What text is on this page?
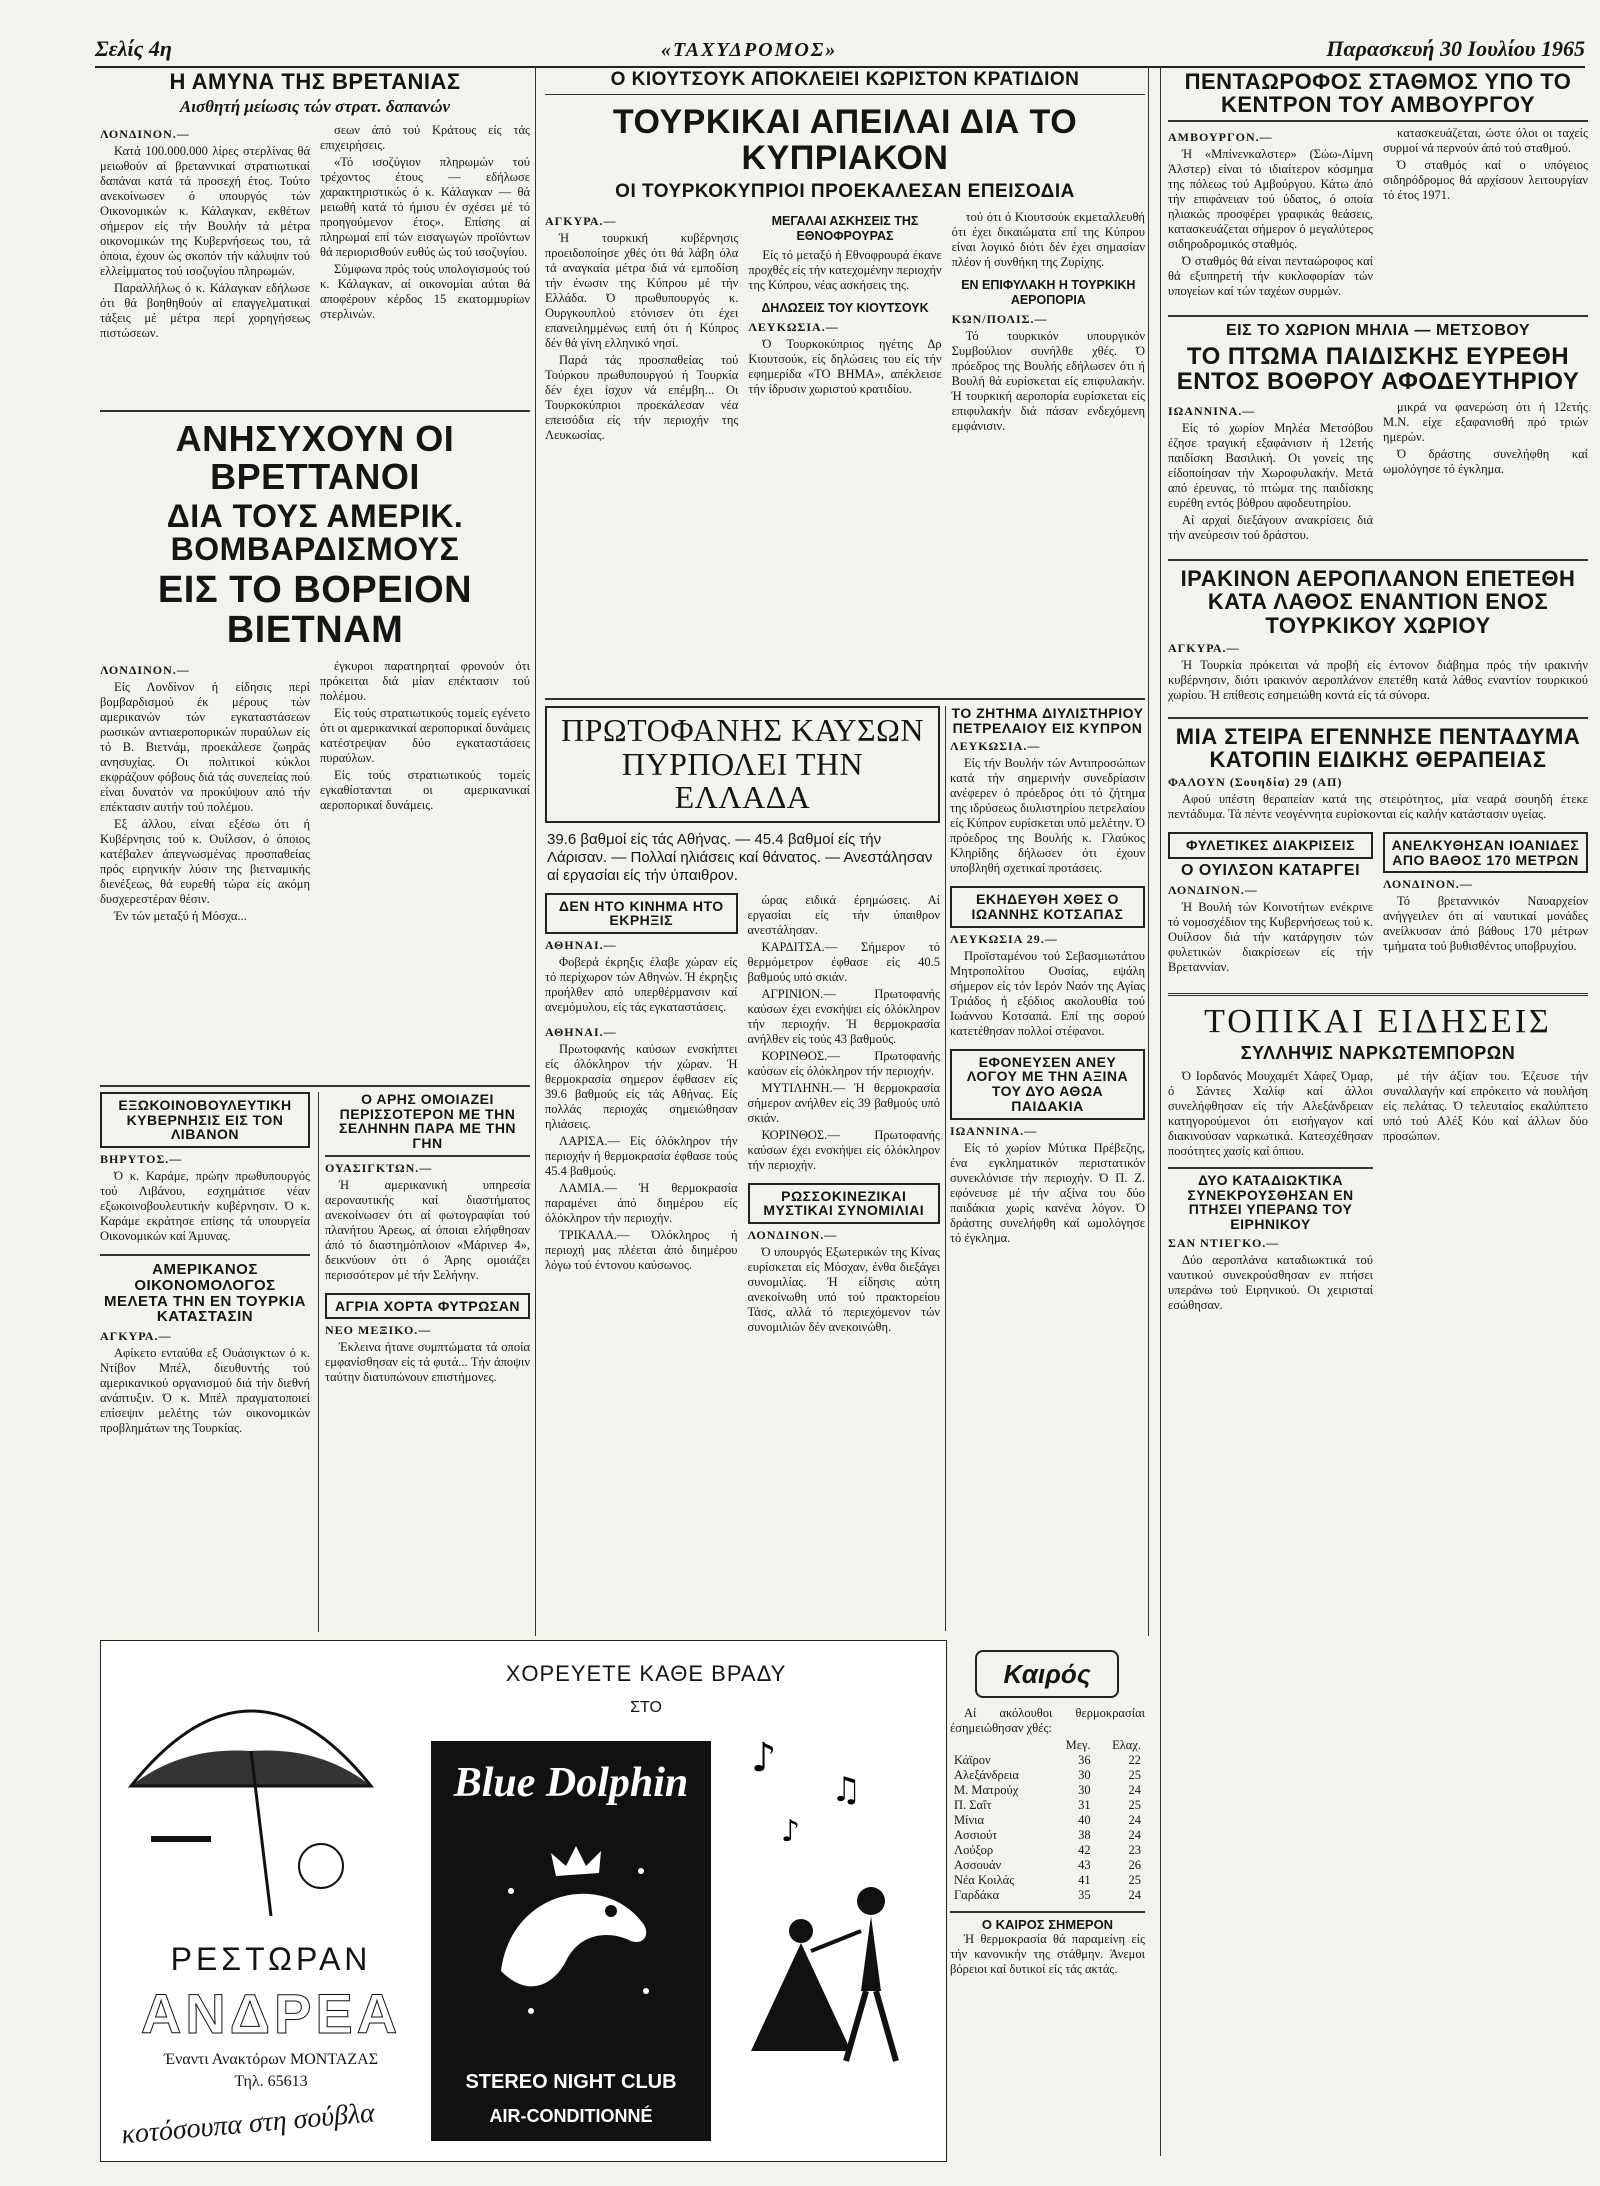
Σελίς 4η	«ΤΑΧΥΔΡΟΜΟΣ»	Παρασκευή 30 Ιουλίου 1965
Η ΑΜΥΝΑ ΤΗΣ ΒΡΕΤΑΝΙΑΣ
Αισθητή μείωσις τών στρατ. δαπανών
ΛΟΝΔΙΝΟΝ.—

Κατά 100.000.000 λίρες στερλίνας θά μειωθούν αί βρεταννικαί στρατιωτικαί δαπάναι κατά τά προσεχή έτος. Τούτο ανεκοίνωσεν ό υπουργός τών Οικονομικών κ. Κάλαγκαν, εκθέτων σήμερον είς τήν Βουλήν τά μέτρα οικονομικών της Κυβερνήσεως του, τά όποια, έχουν ώς σκοπόν τήν κάλυψιν τού ελλείμματος τού ισοζυγίου πληρωμών.

Παραλλήλως ό κ. Κάλαγκαν εδήλωσε ότι θά βοηθηθούν αί επαγγελματικαί τάξεις μέ μέτρα περί χορηγήσεως πιστώσεων.

σεων άπό τού Κράτους είς τάς επιχειρήσεις.

«Τό ισοζύγιον πληρωμών τού τρέχοντος έτους — εδήλωσε χαρακτηριστικώς ό κ. Κάλαγκαν — θά μειωθή κατά τό ήμισυ έν σχέσει μέ τό προηγούμενον έτος». Επίσης αί πληρωμαί επί τών εισαγωγών προϊόντων θά περιορισθούν ευθύς ώς τού ισοζυγίου.

Σύμφωνα πρός τούς υπολογισμούς τού κ. Κάλαγκαν, αί οικονομίαι αύται θά αποφέρουν κέρδος 15 εκατομμυρίων στερλινών.

ΑΝΗΣΥΧΟΥΝ ΟΙ ΒΡΕΤΤΑΝΟΙ
ΔΙΑ ΤΟΥΣ ΑΜΕΡΙΚ. ΒΟΜΒΑΡΔΙΣΜΟΥΣ
ΕΙΣ ΤΟ ΒΟΡΕΙΟΝ ΒΙΕΤΝΑΜ
ΛΟΝΔΙΝΟΝ.—

Είς Λονδίνον ή είδησις περί βομβαρδισμού έκ μέρους τών αμερικανών τών εγκαταστάσεων ρωσικών αντιαεροπορικών πυραύλων είς τό Β. Βιετνάμ, προεκάλεσε ζωηράς ανησυχίας. Οι πολιτικοί κύκλοι εκφράζουν φόβους διά τάς συνεπείας πού είναι δυνατόν να προκύψουν από τήν επέκτασιν αυτήν τού πολέμου.

Εξ άλλου, είναι εξέσω ότι ή Κυβέρνησις τού κ. Ουίλσον, ό όποιος κατέβαλεν άπεγνωσμένας προσπαθείας πρός ειρηνικήν λύσιν της βιετναμικής διενέξεως, θά ευρεθή τώρα είς ακόμη δυσχερεστέραν θέσιν.

Έν τών μεταξύ ή Μόσχα...

έγκυροι παρατηρηταί φρονούν ότι πρόκειται διά μίαν επέκτασιν τού πολέμου.

Είς τούς στρατιωτικούς τομείς εγένετο ότι οι αμερικανικαί αεροπορικαί δυνάμεις κατέστρεψαν δύο εγκαταστάσεις πυραύλων.

Είς τούς στρατιωτικούς τομείς εγκαθίστανται οι αμερικανικαί αεροπορικαί δυνάμεις.

ΕΞΩΚΟΙΝΟΒΟΥΛΕΥΤΙΚΗ ΚΥΒΕΡΝΗΣΙΣ ΕΙΣ ΤΟΝ ΛΙΒΑΝΟΝ
ΒΗΡΥΤΟΣ.—

Ό κ. Καράμε, πρώην πρωθυπουργός τού Λιβάνου, εσχημάτισε νέαν εξωκοινοβουλευτικήν κυβέρνησιν. Ό κ. Καράμε εκράτησε επίσης τά υπουργεία Οικονομικών καί Άμυνας.

ΑΜΕΡΙΚΑΝΟΣ ΟΙΚΟΝΟΜΟΛΟΓΟΣ ΜΕΛΕΤΑ ΤΗΝ ΕΝ ΤΟΥΡΚΙΑ ΚΑΤΑΣΤΑΣΙΝ
ΑΓΚΥΡΑ.—

Αφίκετο ενταύθα εξ Ουάσιγκτων ό κ. Ντίβον Μπέλ, διευθυντής τού αμερικανικού οργανισμού διά τήν διεθνή ανάπτυξιν. Ό κ. Μπέλ πραγματοποιεί επίσεψιν μελέτης τών οικονομικών προβλημάτων της Τουρκίας.

Ο ΑΡΗΣ ΟΜΟΙΑΖΕΙ ΠΕΡΙΣΣΟΤΕΡΟΝ ΜΕ ΤΗΝ ΣΕΛΗΝΗΝ ΠΑΡΑ ΜΕ ΤΗΝ ΓΗΝ
ΟΥΑΣΙΓΚΤΩΝ.—

Ή αμερικανική υπηρεσία αεροναυτικής καί διαστήματος ανεκοίνωσεν ότι αί φωτογραφίαι τού πλανήτου Άρεως, αί όποιαι ελήφθησαν άπό τό διαστημόπλοιον «Μάρινερ 4», δεικνύουν ότι ό Άρης ομοιάζει περισσότερον μέ τήν Σελήνην.

ΑΓΡΙΑ ΧΟΡΤΑ ΦΥΤΡΩΣΑΝ
ΝΕΟ ΜΕΞΙΚΟ.—

Έκλεινα ήτανε συμπτώματα τά οποία εμφανίσθησαν είς τά φυτά... Τήν άποψιν ταύτην διατυπώνουν επιστήμονες.

Ο ΚΙΟΥΤΣΟΥΚ ΑΠΟΚΛΕΙΕΙ ΚΩΡΙΣΤΟΝ ΚΡΑΤΙΔΙΟΝ
ΤΟΥΡΚΙΚΑΙ ΑΠΕΙΛΑΙ ΔΙΑ ΤΟ ΚΥΠΡΙΑΚΟΝ
ΟΙ ΤΟΥΡΚΟΚΥΠΡΙΟΙ ΠΡΟΕΚΑΛΕΣΑΝ ΕΠΕΙΣΟΔΙΑ
ΑΓΚΥΡΑ.—

Ή τουρκική κυβέρνησις προειδοποίησε χθές ότι θά λάβη όλα τά αναγκαία μέτρα διά νά εμποδίση τήν ένωσιν της Κύπρου μέ τήν Ελλάδα. Ό πρωθυπουργός κ. Ουργκουπλού ετόνισεν ότι έχει επανειλημμένως ειπή ότι ή Κύπρος δέν θά γίνη ελληνικό νησί.

Παρά τάς προσπαθείας τού Τούρκου πρωθυπουργού ή Τουρκία δέν έχει ίσχυν νά επέμβη... Οι Τουρκοκύπριοι προεκάλεσαν νέα επεισόδια είς τήν περιοχήν της Λευκωσίας.

ΜΕΓΑΛΑΙ ΑΣΚΗΣΕΙΣ ΤΗΣ ΕΘΝΟΦΡΟΥΡΑΣ

Είς τό μεταξύ ή Εθνοφρουρά έκανε προχθές είς τήν κατεχομένην περιοχήν της Κύπρου, νέας ασκήσεις της.

ΔΗΛΩΣΕΙΣ ΤΟΥ ΚΙΟΥΤΣΟΥΚ
ΛΕΥΚΩΣΙΑ.—

Ό Τουρκοκύπριος ηγέτης Δρ Κιουτσούκ, είς δηλώσεις του είς τήν εφημερίδα «ΤΟ ΒΗΜΑ», απέκλεισε τήν ίδρυσιν χωριστού κρατιδίου.

τού ότι ό Κιουτσούκ εκμεταλλευθή ότι έχει δικαιώματα επί της Κύπρου είναι λογικό διότι δέν έχει σημασίαν πλέον ή συνθήκη της Ζυρίχης.

ΕΝ ΕΠΙΦΥΛΑΚΗ Η ΤΟΥΡΚΙΚΗ ΑΕΡΟΠΟΡΙΑ
ΚΩΝ/ΠΟΛΙΣ.—

Τό τουρκικόν υπουργικόν Συμβούλιον συνήλθε χθές. Ό πρόεδρος της Βουλής εδήλωσεν ότι ή Βουλή θά ευρίσκεται είς επιφυλακήν. Ή τουρκική αεροπορία ευρίσκεται είς επιφυλακήν διά πάσαν ενδεχόμενη εμφάνισιν.

ΠΡΩΤΟΦΑΝΗΣ ΚΑΥΣΩΝ
ΠΥΡΠΟΛΕΙ ΤΗΝ ΕΛΛΑΔΑ
39.6 βαθμοί είς τάς Αθήνας. — 45.4 βαθμοί είς τήν Λάρισαν. — Πολλαί ηλιάσεις καί θάνατος. — Ανεστάλησαν αί εργασίαι είς τήν ύπαιθρον.
ΔΕΝ ΗΤΟ ΚΙΝΗΜΑ ΗΤΟ ΕΚΡΗΞΙΣ
ΑΘΗΝΑΙ.—

Φοβερά έκρηξις έλαβε χώραν είς τό περίχωρον τών Αθηνών. Ή έκρηξις προήλθεν από υπερθέρμανσιν καί ανεμόμυλου, είς τάς εγκαταστάσεις.

ΑΘΗΝΑΙ.—

Πρωτοφανής καύσων ενσκήπτει είς όλόκληρον τήν χώραν. Ή θερμοκρασία σημερον έφθασεν είς 39.6 βαθμούς είς τάς Αθήνας. Είς πολλάς περιοχάς σημειώθησαν ηλιάσεις.

ΛΑΡΙΣΑ.— Είς όλόκληρον τήν περιοχήν ή θερμοκρασία έφθασε τούς 45.4 βαθμούς.

ΛΑΜΙΑ.— Ή θερμοκρασία παραμένει άπό διημέρου είς όλόκληρον τήν περιοχήν.

ΤΡΙΚΑΛΑ.— Όλόκληρος ή περιοχή μας πλέεται άπό διημέρου λόγω τού έντονου καύσωνος.

ώρας ειδικά έρημώσεις. Αί εργασίαι είς τήν ύπαιθρον ανεστάλησαν.

ΚΑΡΔΙΤΣΑ.— Σήμερον τό θερμόμετρον έφθασε είς 40.5 βαθμούς υπό σκιάν.

ΑΓΡΙΝΙΟΝ.— Πρωτοφανής καύσων έχει ενσκήψει είς όλόκληρον τήν περιοχήν. Ή θερμοκρασία ανήλθεν είς τούς 43 βαθμούς.

ΚΟΡΙΝΘΟΣ.— Πρωτοφανής καύσων είς όλόκληρον τήν περιοχήν.

ΜΥΤΙΛΗΝΗ.— Ή θερμοκρασία σήμερον ανήλθεν είς 39 βαθμούς υπό σκιάν.

ΚΟΡΙΝΘΟΣ.— Πρωτοφανής καύσων έχει ενσκήψει είς όλόκληρον τήν περιοχήν.

ΡΩΣΣΟΚΙΝΕΖΙΚΑΙ ΜΥΣΤΙΚΑΙ ΣΥΝΟΜΙΛΙΑΙ
ΛΟΝΔΙΝΟΝ.—

Ό υπουργός Εξωτερικών της Κίνας ευρίσκεται είς Μόσχαν, ένθα διεξάγει συνομιλίας. Ή είδησις αύτη ανεκοίνωθη υπό τού πρακτορείου Τάσς, αλλά τό περιεχόμενον τών συνομιλιών δέν ανεκοινώθη.

ΤΟ ΖΗΤΗΜΑ ΔΙΥΛΙΣΤΗΡΙΟΥ ΠΕΤΡΕΛΑΙΟΥ ΕΙΣ ΚΥΠΡΟΝ
ΛΕΥΚΩΣΙΑ.—

Είς τήν Βουλήν τών Αντιπροσώπων κατά τήν σημερινήν συνεδρίασιν ανέφερεν ό πρόεδρος ότι τό ζήτημα της ιδρύσεως διυλιστηρίου πετρελαίου είς Κύπρον ευρίσκεται υπό μελέτην. Ό πρόεδρος της Βουλής κ. Γλαύκος Κληρίδης δήλωσεν ότι έχουν υποβληθή σχετικαί προτάσεις.

ΕΚΗΔΕΥΘΗ ΧΘΕΣ Ο ΙΩΑΝΝΗΣ ΚΟΤΣΑΠΑΣ
ΛΕΥΚΩΣΙΑ 29.—

Προϊσταμένου τού Σεβασμιωτάτου Μητροπολίτου Ουσίας, εψάλη σήμερον είς τόν Ιερόν Ναόν της Αγίας Τριάδος ή εξόδιος ακολουθία τού Ιωάννου Κοτσαπά. Επί της σορού κατετέθησαν πολλοί στέφανοι.

ΕΦΟΝΕΥΣΕΝ ΑΝΕΥ ΛΟΓΟΥ ΜΕ ΤΗΝ ΑΞΙΝΑ ΤΟΥ ΔΥΟ ΑΘΩΑ ΠΑΙΔΑΚΙΑ
ΙΩΑΝΝΙΝΑ.—

Είς τό χωρίον Μύτικα Πρέβεζης, ένα εγκληματικόν περιστατικόν συνεκλόνισε τήν περιοχήν. Ό Π. Ζ. εφόνευσε μέ τήν αξίνα του δύο παιδάκια χωρίς κανένα λόγον. Ό δράστης συνελήφθη καί ωμολόγησε τό έγκλημα.

ΧΟΡΕΥΕΤΕ ΚΑΘΕ ΒΡΑΔΥ
ΣΤΟ
Blue Dolphin
STEREO NIGHT CLUB
AIR-CONDITIONNÉ
ΡΕΣΤΩΡΑΝ
ΑΝΔΡΕΑ
Έναντι Ανακτόρων ΜΟΝΤΑΖΑΣ
Τηλ. 65613
κοτόσουπα στη σούβλα
♪
♫
♪
Καιρός

Αί ακόλουθοι θερμοκρασίαι έσημειώθησαν χθές:

	Μεγ.	Ελαχ.
Κάϊρον	36	22
Αλεξάνδρεια	30	25
Μ. Ματρούχ	30	24
Π. Σαΐτ	31	25
Μίνια	40	24
Ασσιούτ	38	24
Λούξορ	42	23
Ασσουάν	43	26
Νέα Κοιλάς	41	25
Γαρδάκα	35	24
Ο ΚΑΙΡΟΣ ΣΗΜΕΡΟΝ

Ή θερμοκρασία θά παραμείνη είς τήν κανονικήν της στάθμην. Άνεμοι βόρειοι καί δυτικοί είς τάς ακτάς.

ΠΕΝΤΑΩΡΟΦΟΣ ΣΤΑΘΜΟΣ ΥΠΟ ΤΟ ΚΕΝΤΡΟΝ ΤΟΥ ΑΜΒΟΥΡΓΟΥ
ΑΜΒΟΥΡΓΟΝ.—

Ή «Μπίνενκαλστερ» (Σώω-Λίμνη Άλστερ) είναι τό ιδιαίτερον κόσμημα της πόλεως τού Αμβούργου. Κάτω άπό τήν επιφάνειαν τού ύδατος, ό οποία ηλιακώς προσφέρει γραφικάς θεάσεις, κατασκευάζεται σήμερον ό μεγαλύτερος σιδηροδρομικός σταθμός.

Ό σταθμός θά είναι πενταώροφος καί θά εξυπηρετή τήν κυκλοφορίαν τών υπογείων καί τών ταχέων συρμών.

κατασκευάζεται, ώστε όλοι οι ταχείς συρμοί νά περνούν άπό τού σταθμού.

Ό σταθμός καί ο υπόγειος σιδηρόδρομος θά αρχίσουν λειτουργίαν τό έτος 1971.

ΕΙΣ ΤΟ ΧΩΡΙΟΝ ΜΗΛΙΑ — ΜΕΤΣΟΒΟΥ
ΤΟ ΠΤΩΜΑ ΠΑΙΔΙΣΚΗΣ ΕΥΡΕΘΗ ΕΝΤΟΣ ΒΟΘΡΟΥ ΑΦΟΔΕΥΤΗΡΙΟΥ
ΙΩΑΝΝΙΝΑ.—

Είς τό χωρίον Μηλέα Μετσόβου έζησε τραγική εξαφάνισιν ή 12ετής παιδίσκη Βασιλική. Οι γονείς της είδοποίησαν τήν Χωροφυλακήν. Μετά από έρευνας, τό πτώμα της παιδίσκης ευρέθη εντός βόθρου αφοδευτηρίου.

Αί αρχαί διεξάγουν ανακρίσεις διά τήν ανεύρεσιν τού δράστου.

μικρά να φανερώση ότι ή 12ετής Μ.Ν. είχε εξαφανισθή πρό τριών ημερών.

Ό δράστης συνελήφθη καί ωμολόγησε τό έγκλημα.

ΙΡΑΚΙΝΟΝ ΑΕΡΟΠΛΑΝΟΝ ΕΠΕΤΕΘΗ ΚΑΤΑ ΛΑΘΟΣ ΕΝΑΝΤΙΟΝ ΕΝΟΣ ΤΟΥΡΚΙΚΟΥ ΧΩΡΙΟΥ
ΑΓΚΥΡΑ.—

Ή Τουρκία πρόκειται νά προβή είς έντονον διάβημα πρός τήν ιρακινήν κυβέρνησιν, διότι ιρακινόν αεροπλάνον επετέθη κατά λάθος εναντίον τουρκικού χωρίου. Ή επίθεσις εσημειώθη κοντά είς τά σύνορα.

ΜΙΑ ΣΤΕΙΡΑ ΕΓΕΝΝΗΣΕ ΠΕΝΤΑΔΥΜΑ ΚΑΤΟΠΙΝ ΕΙΔΙΚΗΣ ΘΕΡΑΠΕΙΑΣ
ΦΑΛΟΥΝ (Σουηδία) 29 (ΑΠ)

Αφού υπέστη θεραπείαν κατά της στειρότητος, μία νεαρά σουηδή έτεκε πεντάδυμα. Τά πέντε νεογέννητα ευρίσκονται είς καλήν κατάστασιν υγείας.

ΦΥΛΕΤΙΚΕΣ ΔΙΑΚΡΙΣΕΙΣ
Ο ΟΥΙΛΣΟΝ ΚΑΤΑΡΓΕΙ
ΛΟΝΔΙΝΟΝ.—

Ή Βουλή τών Κοινοτήτων ενέκρινε τό νομοσχέδιον της Κυβερνήσεως τού κ. Ουίλσον διά τήν κατάργησιν τών φυλετικών διακρίσεων είς τήν Βρεταννίαν.

ΑΝΕΛΚΥΘΗΣΑΝ ΙΟΑΝΙΔΕΣ ΑΠΟ ΒΑΘΟΣ 170 ΜΕΤΡΩΝ
ΛΟΝΔΙΝΟΝ.—

Τό βρεταννικόν Ναυαρχείον ανήγγειλεν ότι αί ναυτικαί μονάδες ανείλκυσαν άπό βάθους 170 μέτρων τμήματα τού βυθισθέντος υποβρυχίου.

ΤΟΠΙΚΑΙ ΕΙΔΗΣΕΙΣ
ΣΥΛΛΗΨΙΣ ΝΑΡΚΩΤΕΜΠΟΡΩΝ

Ό Ιορδανός Μουχαμέτ Χάφεζ Όμαρ, ό Σάντες Χαλίφ καί άλλοι συνελήφθησαν είς τήν Αλεξάνδρειαν κατηγορούμενοι ότι εισήγαγον καί διακινούσαν ναρκωτικά. Κατεσχέθησαν ποσότητες χασίς καί όπιου.

ΔΥΟ ΚΑΤΑΔΙΩΚΤΙΚΑ ΣΥΝΕΚΡΟΥΣΘΗΣΑΝ ΕΝ ΠΤΗΣΕΙ ΥΠΕΡΑΝΩ ΤΟΥ ΕΙΡΗΝΙΚΟΥ
ΣΑΝ ΝΤΙΕΓΚΟ.—

Δύο αεροπλάνα καταδιωκτικά τού ναυτικού συνεκρούσθησαν εν πτήσει υπεράνω τού Ειρηνικού. Οι χειρισταί εσώθησαν.

μέ τήν άξίαν του. Έζευσε τήν συναλλαγήν καί επρόκειτο νά πουλήση είς πελάτας. Ό τελευταίος εκαλύπτετο υπό τού Αλέξ Κόυ καί άλλων δύο προσώπων.
